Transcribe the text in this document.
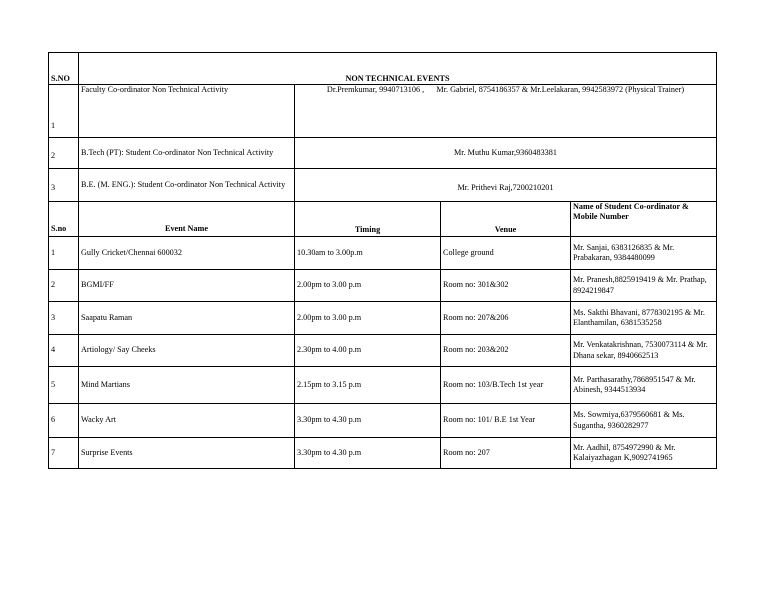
S.NO	NON TECHNICAL EVENTS			
1	Faculty Co-ordinator Non Technical Activity	Dr.Premkumar, 9940713106 ,      Mr. Gabriel, 8754186357 & Mr.Leelakaran, 9942583972 (Physical Trainer)		

2	B.Tech (PT): Student Co-ordinator Non Technical Activity	Mr. Muthu Kumar,9360483381		

3	B.E. (M. ENG.): Student Co-ordinator Non Technical Activity	Mr. Prithevi Raj,7200210201		

S.no	Event Name	Timing	Venue	Name of Student Co-ordinator & Mobile Number
1	Gully Cricket/Chennai 600032	10.30am to 3.00p.m	College ground	Mr. Sanjai, 6383126835 & Mr. Prabakaran, 9384480099
2	BGMI/FF	2.00pm to 3.00 p.m	Room no: 301&302	Mr. Pranesh,8825919419 & Mr. Prathap, 8924219847
3	Saapatu Raman	2.00pm to 3.00 p.m	Room no: 207&206	Ms. Sakthi Bhavani, 8778302195 & Mr. Elanthamilan, 6381535258
4	Artiology/ Say Cheeks	2.30pm to 4.00 p.m	Room no: 203&202	Mr. Venkatakrishnan, 7530073114 & Mr. Dhana sekar, 8940662513
5	Mind Martians	2.15pm to 3.15 p.m	Room no: 103/B.Tech 1st year	Mr. Parthasarathy,7868951547 & Mr. Abinesh, 9344513934
6	Wacky Art	3.30pm to 4.30 p.m	Room no: 101/ B.E 1st Year	Ms. Sowmiya,6379560681 & Ms. Sugantha, 9360282977
7	Surprise Events	3.30pm to 4.30 p.m	Room no: 207	Mr. Aadhil, 8754972990 & Mr. Kalaiyazhagan K,9092741965
